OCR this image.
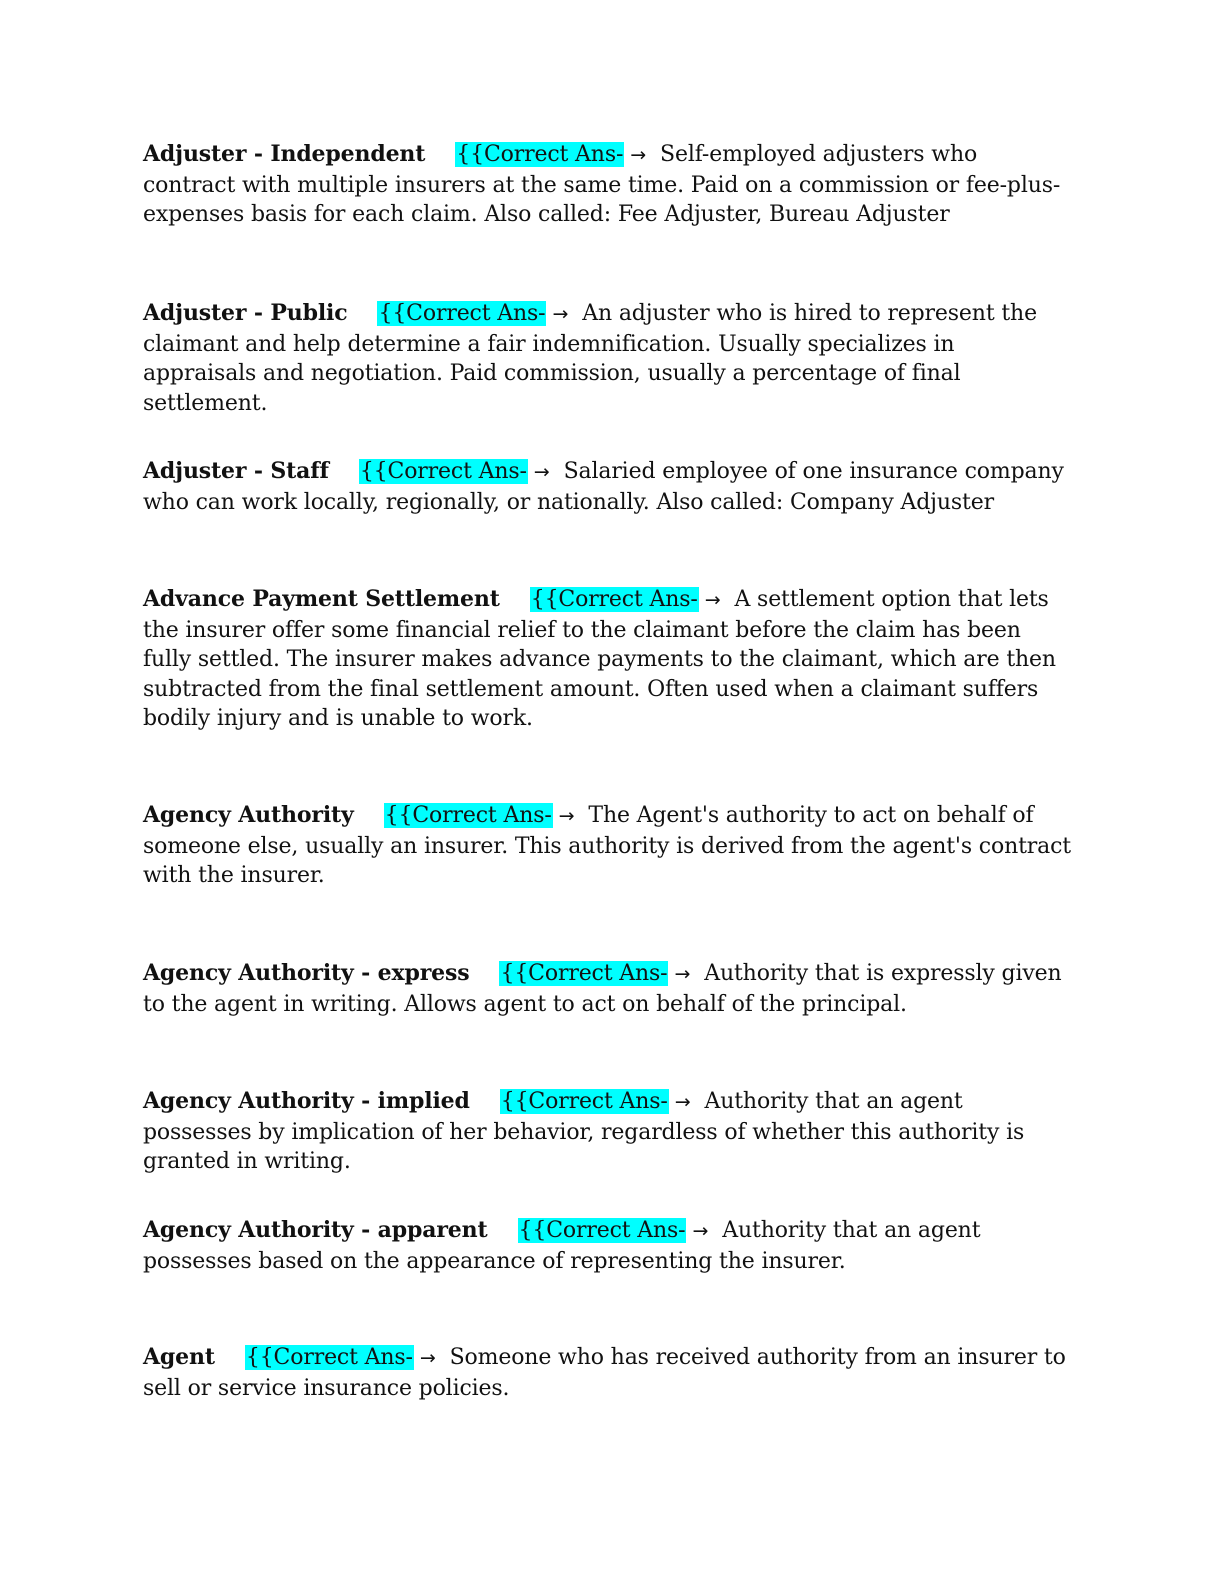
Adjuster - Independent {{Correct Ans- → Self-employed adjusters who contract with multiple insurers at the same time. Paid on a commission or fee-plus-expenses basis for each claim. Also called: Fee Adjuster, Bureau Adjuster
Adjuster - Public {{Correct Ans- → An adjuster who is hired to represent the claimant and help determine a fair indemnification. Usually specializes in appraisals and negotiation. Paid commission, usually a percentage of final settlement.
Adjuster - Staff {{Correct Ans- → Salaried employee of one insurance company who can work locally, regionally, or nationally. Also called: Company Adjuster
Advance Payment Settlement {{Correct Ans- → A settlement option that lets the insurer offer some financial relief to the claimant before the claim has been fully settled. The insurer makes advance payments to the claimant, which are then subtracted from the final settlement amount. Often used when a claimant suffers bodily injury and is unable to work.
Agency Authority {{Correct Ans- → The Agent's authority to act on behalf of someone else, usually an insurer. This authority is derived from the agent's contract with the insurer.
Agency Authority - express {{Correct Ans- → Authority that is expressly given to the agent in writing. Allows agent to act on behalf of the principal.
Agency Authority - implied {{Correct Ans- → Authority that an agent possesses by implication of her behavior, regardless of whether this authority is granted in writing.
Agency Authority - apparent {{Correct Ans- → Authority that an agent possesses based on the appearance of representing the insurer.
Agent {{Correct Ans- → Someone who has received authority from an insurer to sell or service insurance policies.
